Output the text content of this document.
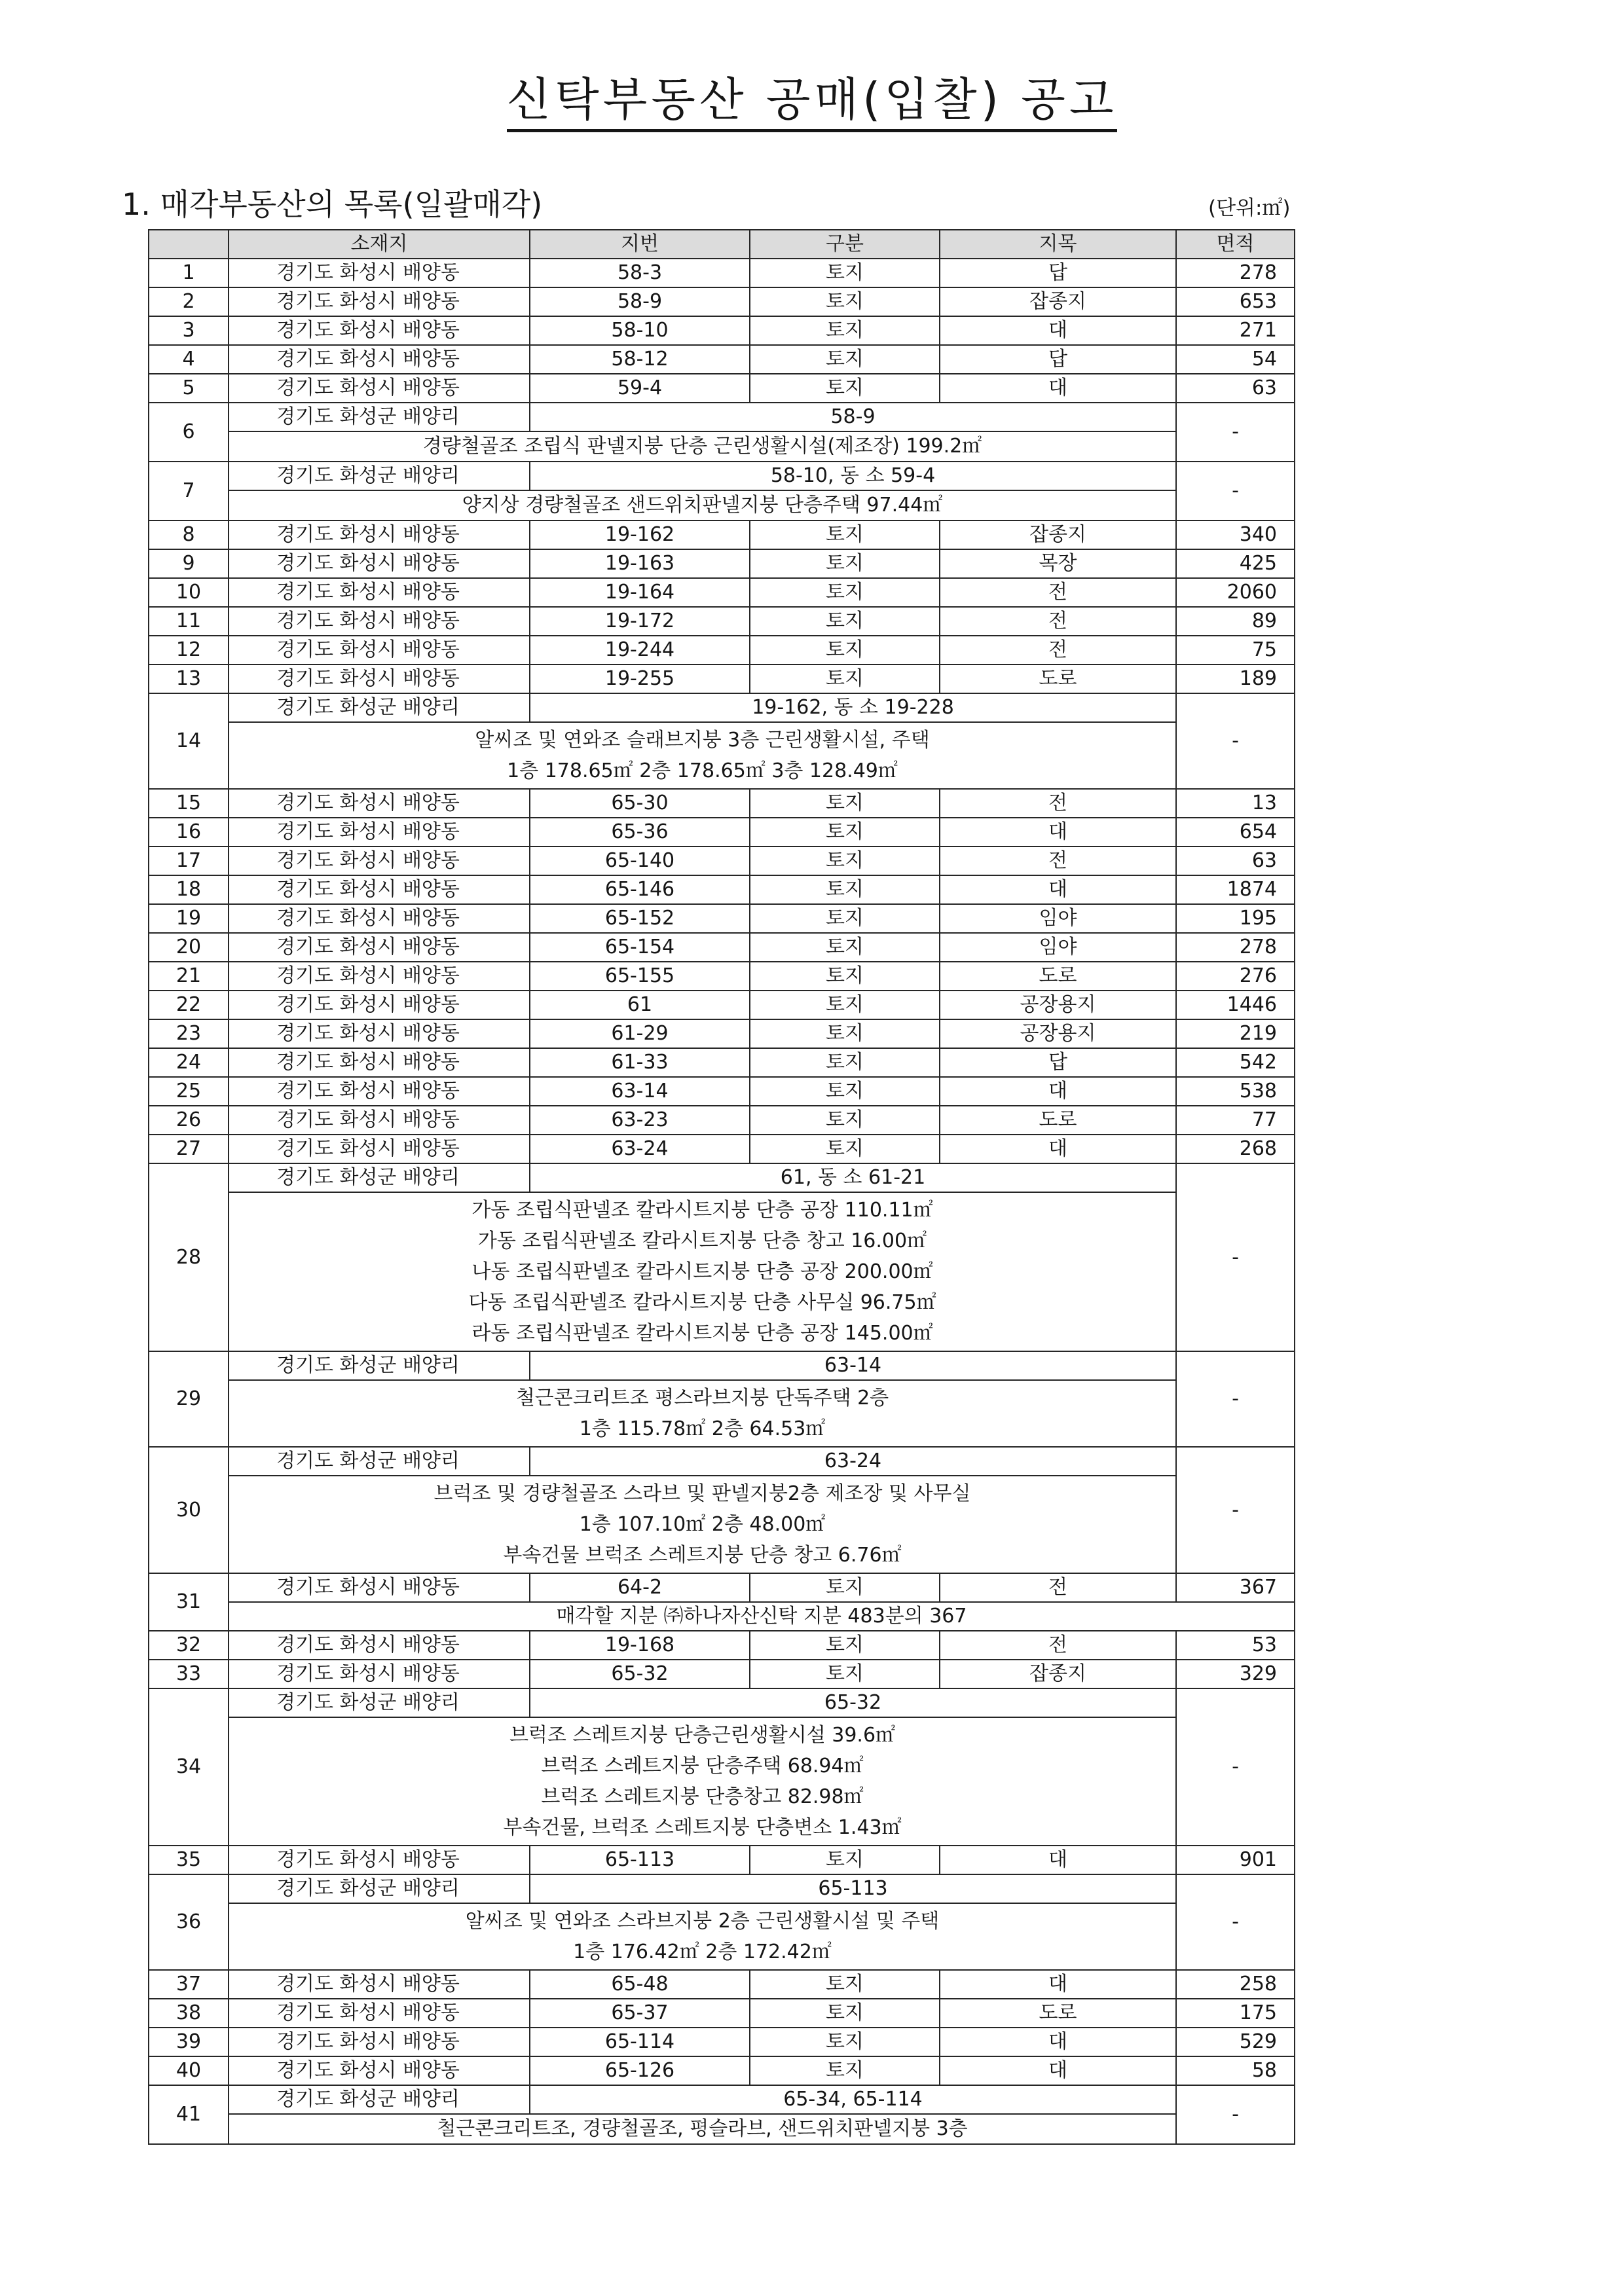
신탁부동산 공매(입찰) 공고
1. 매각부동산의 목록(일괄매각)	(단위:㎡)
	소재지	지번	구분	지목	면적
1	경기도 화성시 배양동	58-3	토지	답	278
2	경기도 화성시 배양동	58-9	토지	잡종지	653
3	경기도 화성시 배양동	58-10	토지	대	271
4	경기도 화성시 배양동	58-12	토지	답	54
5	경기도 화성시 배양동	59-4	토지	대	63
6	경기도 화성군 배양리	58-9			-

	경량철골조 조립식 판넬지붕 단층 근린생활시설(제조장) 199.2㎡				

7	경기도 화성군 배양리	58-10, 동 소 59-4			-

	양지상 경량철골조 샌드위치판넬지붕 단층주택 97.44㎡				

8	경기도 화성시 배양동	19-162	토지	잡종지	340
9	경기도 화성시 배양동	19-163	토지	목장	425
10	경기도 화성시 배양동	19-164	토지	전	2060
11	경기도 화성시 배양동	19-172	토지	전	89
12	경기도 화성시 배양동	19-244	토지	전	75
13	경기도 화성시 배양동	19-255	토지	도로	189
14	경기도 화성군 배양리	19-162, 동 소 19-228			-

	알씨조 및 연와조 슬래브지붕 3층 근린생활시설, 주택
1층 178.65㎡ 2층 178.65㎡ 3층 128.49㎡				

15	경기도 화성시 배양동	65-30	토지	전	13
16	경기도 화성시 배양동	65-36	토지	대	654
17	경기도 화성시 배양동	65-140	토지	전	63
18	경기도 화성시 배양동	65-146	토지	대	1874
19	경기도 화성시 배양동	65-152	토지	임야	195
20	경기도 화성시 배양동	65-154	토지	임야	278
21	경기도 화성시 배양동	65-155	토지	도로	276
22	경기도 화성시 배양동	61	토지	공장용지	1446
23	경기도 화성시 배양동	61-29	토지	공장용지	219
24	경기도 화성시 배양동	61-33	토지	답	542
25	경기도 화성시 배양동	63-14	토지	대	538
26	경기도 화성시 배양동	63-23	토지	도로	77
27	경기도 화성시 배양동	63-24	토지	대	268
28	경기도 화성군 배양리	61, 동 소 61-21			-

	가동 조립식판넬조 칼라시트지붕 단층 공장 110.11㎡
가동 조립식판넬조 칼라시트지붕 단층 창고 16.00㎡
나동 조립식판넬조 칼라시트지붕 단층 공장 200.00㎡
다동 조립식판넬조 칼라시트지붕 단층 사무실 96.75㎡
라동 조립식판넬조 칼라시트지붕 단층 공장 145.00㎡				

29	경기도 화성군 배양리	63-14			-

	철근콘크리트조 평스라브지붕 단독주택 2층
1층 115.78㎡ 2층 64.53㎡				

30	경기도 화성군 배양리	63-24			-

	브럭조 및 경량철골조 스라브 및 판넬지붕2층 제조장 및 사무실
1층 107.10㎡ 2층 48.00㎡
부속건물 브럭조 스레트지붕 단층 창고 6.76㎡				

31	경기도 화성시 배양동	64-2	토지	전	367
	매각할 지분 ㈜하나자산신탁 지분 483분의 367				
32	경기도 화성시 배양동	19-168	토지	전	53
33	경기도 화성시 배양동	65-32	토지	잡종지	329
34	경기도 화성군 배양리	65-32			-

	브럭조 스레트지붕 단층근린생활시설 39.6㎡
브럭조 스레트지붕 단층주택 68.94㎡
브럭조 스레트지붕 단층창고 82.98㎡
부속건물, 브럭조 스레트지붕 단층변소 1.43㎡				

35	경기도 화성시 배양동	65-113	토지	대	901
36	경기도 화성군 배양리	65-113			-

	알씨조 및 연와조 스라브지붕 2층 근린생활시설 및 주택
1층 176.42㎡ 2층 172.42㎡				

37	경기도 화성시 배양동	65-48	토지	대	258
38	경기도 화성시 배양동	65-37	토지	도로	175
39	경기도 화성시 배양동	65-114	토지	대	529
40	경기도 화성시 배양동	65-126	토지	대	58
41	경기도 화성군 배양리	65-34, 65-114			-

	철근콘크리트조, 경량철골조, 평슬라브, 샌드위치판넬지붕 3층				
